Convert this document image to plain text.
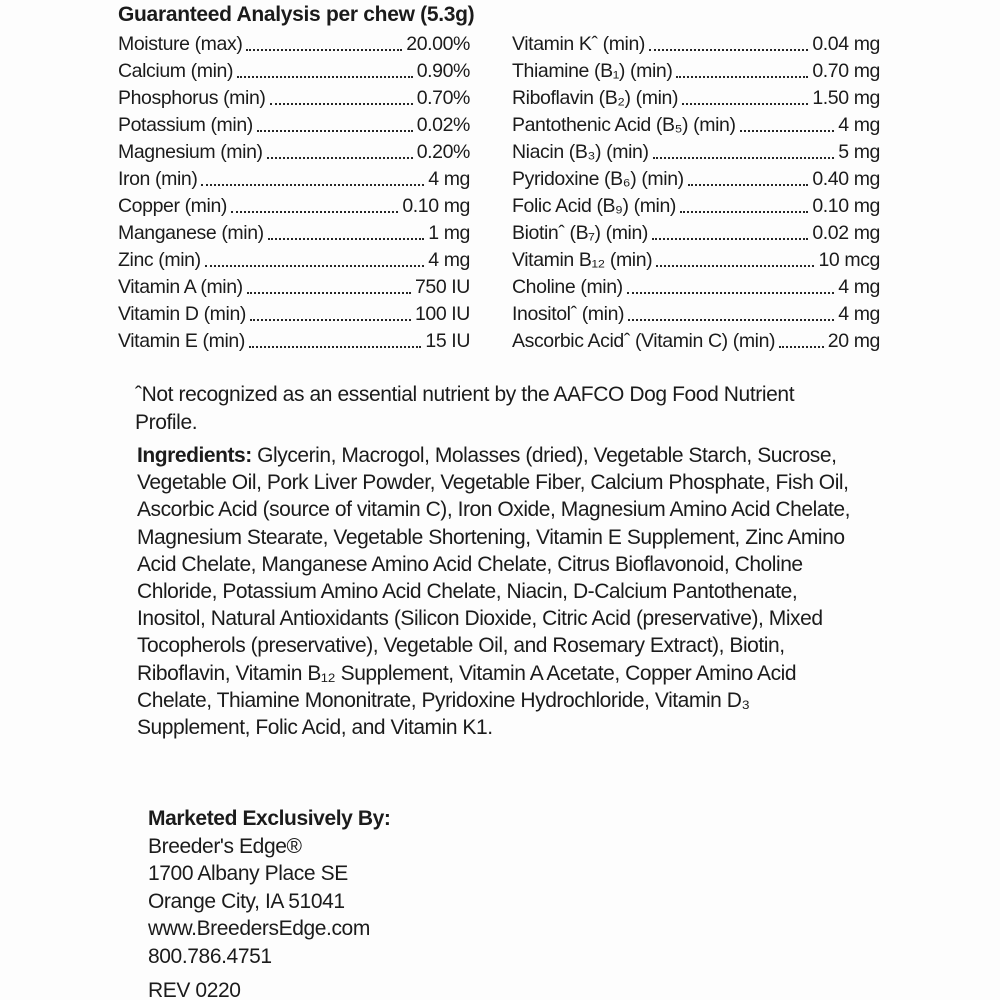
Guaranteed Analysis per chew (5.3g)
Moisture (max)	20.00%
Calcium (min)	0.90%
Phosphorus (min)	0.70%
Potassium (min)	0.02%
Magnesium (min)	0.20%
Iron (min)	4 mg
Copper (min)	0.10 mg
Manganese (min)	1 mg
Zinc (min)	4 mg
Vitamin A (min)	750 IU
Vitamin D (min)	100 IU
Vitamin E (min)	15 IU
Vitamin Kˆ (min)	0.04 mg
Thiamine (B₁) (min)	0.70 mg
Riboflavin (B₂) (min)	1.50 mg
Pantothenic Acid (B₅) (min)	4 mg
Niacin (B₃) (min)	5 mg
Pyridoxine (B₆) (min)	0.40 mg
Folic Acid (B₉) (min)	0.10 mg
Biotinˆ (B₇) (min)	0.02 mg
Vitamin B₁₂ (min)	10 mcg
Choline (min)	4 mg
Inositolˆ (min)	4 mg
Ascorbic Acidˆ (Vitamin C) (min)	20 mg
ˆNot recognized as an essential nutrient by the AAFCO Dog Food Nutrient Profile.
Ingredients: Glycerin, Macrogol, Molasses (dried), Vegetable Starch, Sucrose, Vegetable Oil, Pork Liver Powder, Vegetable Fiber, Calcium Phosphate, Fish Oil, Ascorbic Acid (source of vitamin C), Iron Oxide, Magnesium Amino Acid Chelate, Magnesium Stearate, Vegetable Shortening, Vitamin E Supplement, Zinc Amino Acid Chelate, Manganese Amino Acid Chelate, Citrus Bioflavonoid, Choline Chloride, Potassium Amino Acid Chelate, Niacin, D-Calcium Pantothenate, Inositol, Natural Antioxidants (Silicon Dioxide, Citric Acid (preservative), Mixed Tocopherols (preservative), Vegetable Oil, and Rosemary Extract), Biotin, Riboflavin, Vitamin B₁₂ Supplement, Vitamin A Acetate, Copper Amino Acid Chelate, Thiamine Mononitrate, Pyridoxine Hydrochloride, Vitamin D₃ Supplement, Folic Acid, and Vitamin K1.
Marketed Exclusively By:
Breeder's Edge®
1700 Albany Place SE
Orange City, IA 51041
www.BreedersEdge.com
800.786.4751
REV 0220
